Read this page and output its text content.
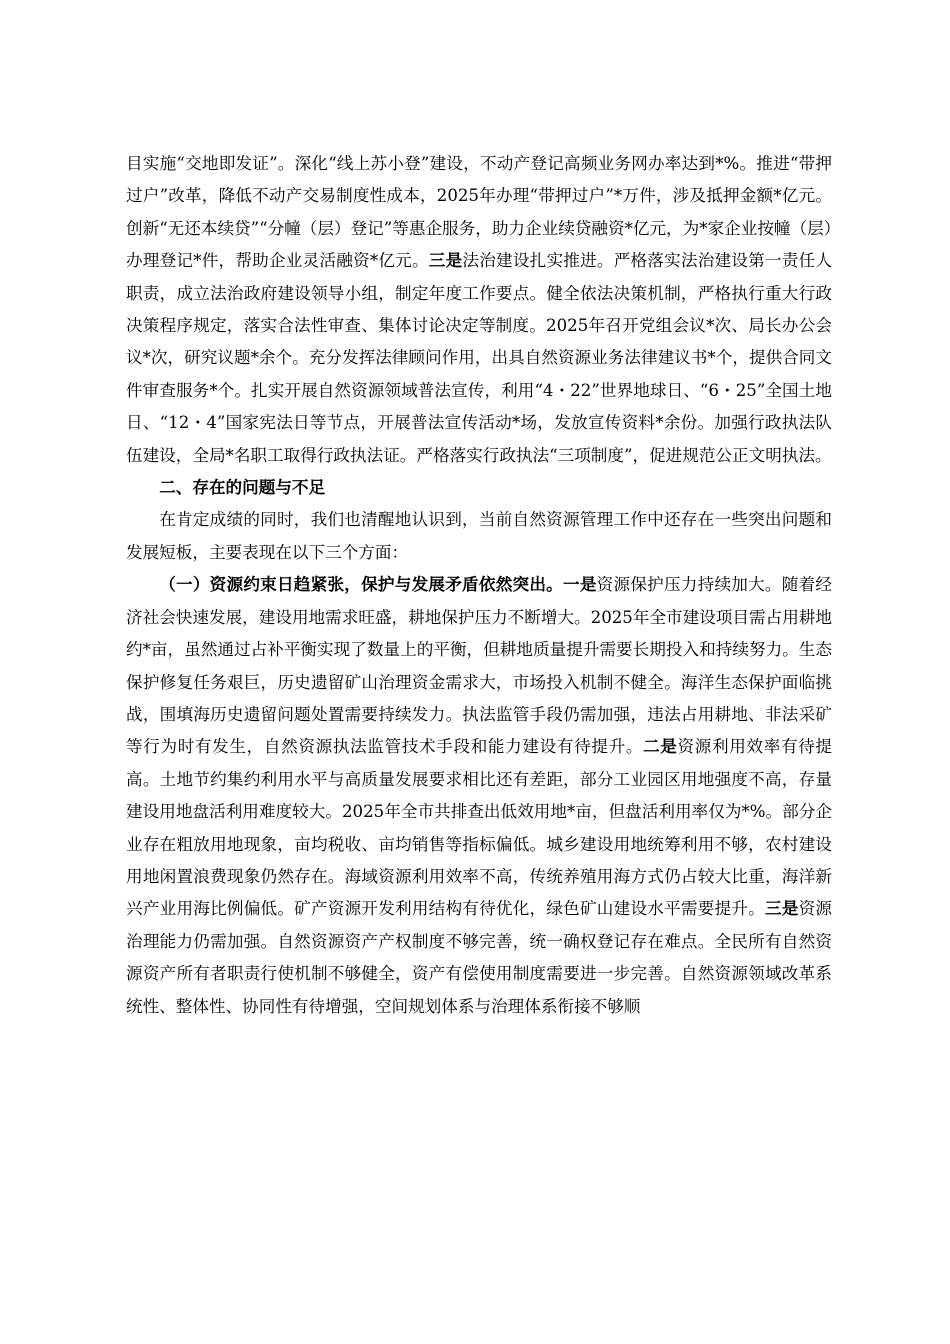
目实施“交地即发证”。深化“线上苏小登”建设，不动产登记高频业务网办率达到*%。推进“带押过户”改革，降低不动产交易制度性成本，2025年办理“带押过户”*万件，涉及抵押金额*亿元。创新“无还本续贷”“分幢（层）登记”等惠企服务，助力企业续贷融资*亿元，为*家企业按幢（层）办理登记*件，帮助企业灵活融资*亿元。三是法治建设扎实推进。严格落实法治建设第一责任人职责，成立法治政府建设领导小组，制定年度工作要点。健全依法决策机制，严格执行重大行政决策程序规定，落实合法性审查、集体讨论决定等制度。2025年召开党组会议*次、局长办公会议*次，研究议题*余个。充分发挥法律顾问作用，出具自然资源业务法律建议书*个，提供合同文件审查服务*个。扎实开展自然资源领域普法宣传，利用“4・22”世界地球日、“6・25”全国土地日、“12・4”国家宪法日等节点，开展普法宣传活动*场，发放宣传资料*余份。加强行政执法队伍建设，全局*名职工取得行政执法证。严格落实行政执法“三项制度”，促进规范公正文明执法。

二、存在的问题与不足

在肯定成绩的同时，我们也清醒地认识到，当前自然资源管理工作中还存在一些突出问题和发展短板，主要表现在以下三个方面：

（一）资源约束日趋紧张，保护与发展矛盾依然突出。一是资源保护压力持续加大。随着经济社会快速发展，建设用地需求旺盛，耕地保护压力不断增大。2025年全市建设项目需占用耕地约*亩，虽然通过占补平衡实现了数量上的平衡，但耕地质量提升需要长期投入和持续努力。生态保护修复任务艰巨，历史遗留矿山治理资金需求大，市场投入机制不健全。海洋生态保护面临挑战，围填海历史遗留问题处置需要持续发力。执法监管手段仍需加强，违法占用耕地、非法采矿等行为时有发生，自然资源执法监管技术手段和能力建设有待提升。二是资源利用效率有待提高。土地节约集约利用水平与高质量发展要求相比还有差距，部分工业园区用地强度不高，存量建设用地盘活利用难度较大。2025年全市共排查出低效用地*亩，但盘活利用率仅为*%。部分企业存在粗放用地现象，亩均税收、亩均销售等指标偏低。城乡建设用地统筹利用不够，农村建设用地闲置浪费现象仍然存在。海域资源利用效率不高，传统养殖用海方式仍占较大比重，海洋新兴产业用海比例偏低。矿产资源开发利用结构有待优化，绿色矿山建设水平需要提升。三是资源治理能力仍需加强。自然资源资产产权制度不够完善，统一确权登记存在难点。全民所有自然资源资产所有者职责行使机制不够健全，资产有偿使用制度需要进一步完善。自然资源领域改革系统性、整体性、协同性有待增强，空间规划体系与治理体系衔接不够顺
